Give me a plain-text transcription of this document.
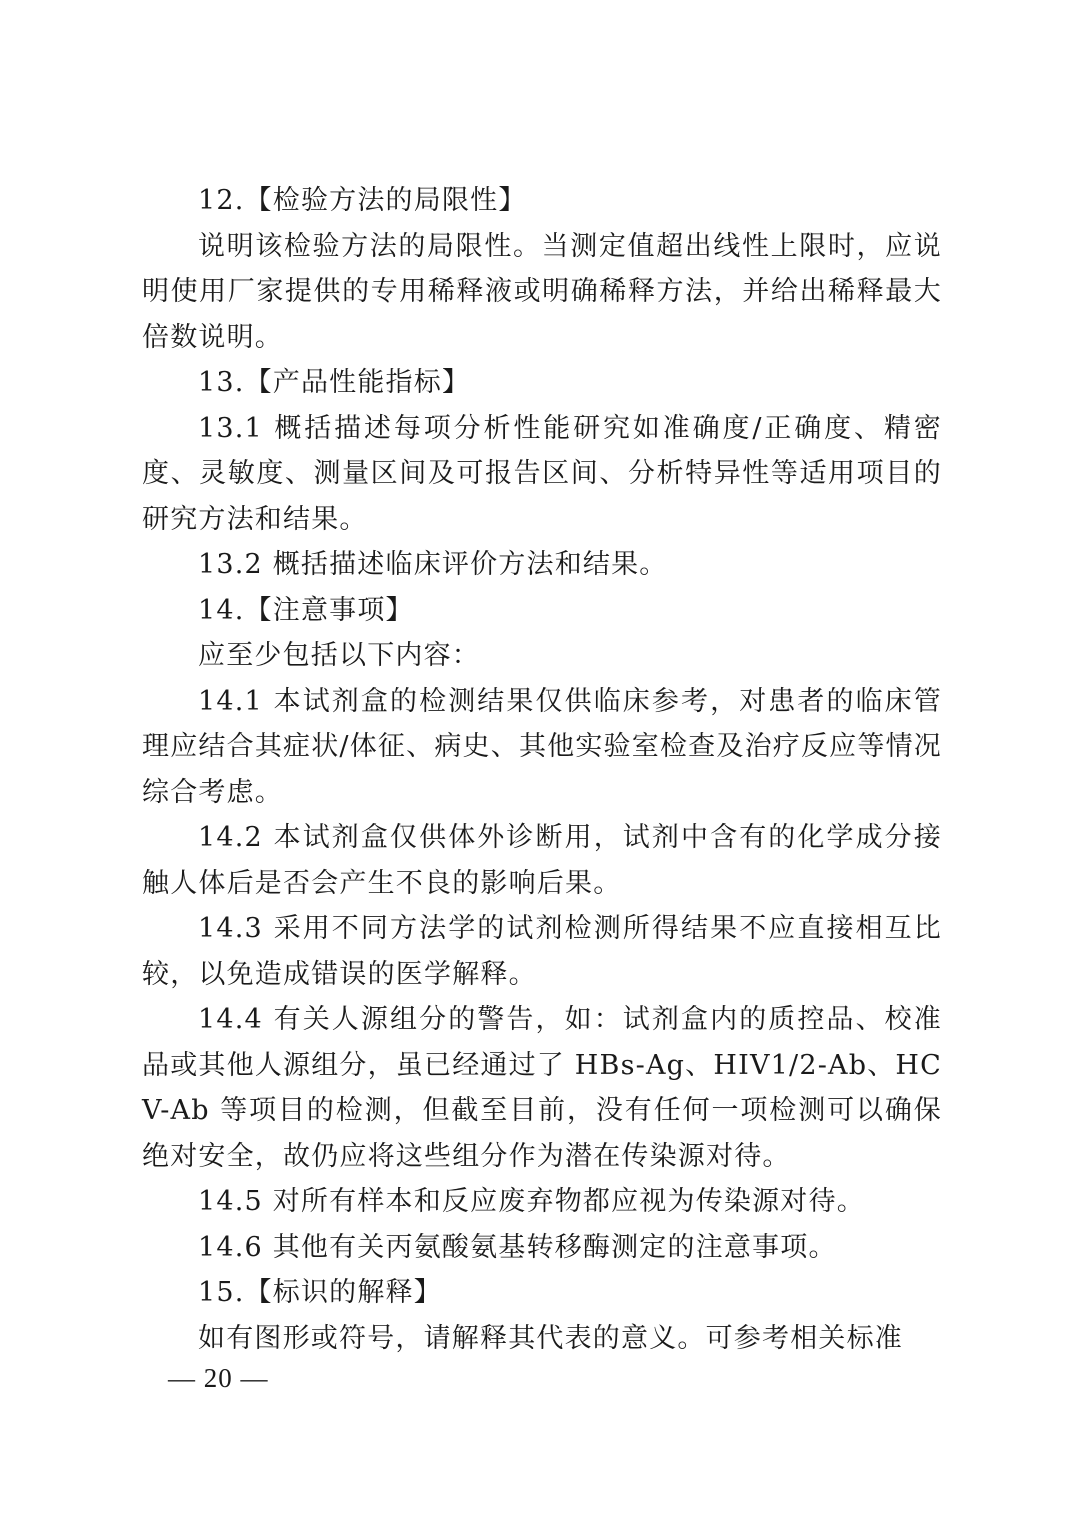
12.【检验方法的局限性】

说明该检验方法的局限性。当测定值超出线性上限时，应说明使用厂家提供的专用稀释液或明确稀释方法，并给出稀释最大倍数说明。

13.【产品性能指标】

13.1 概括描述每项分析性能研究如准确度/正确度、精密度、灵敏度、测量区间及可报告区间、分析特异性等适用项目的研究方法和结果。

13.2 概括描述临床评价方法和结果。

14.【注意事项】

应至少包括以下内容：

14.1 本试剂盒的检测结果仅供临床参考，对患者的临床管理应结合其症状/体征、病史、其他实验室检查及治疗反应等情况综合考虑。

14.2 本试剂盒仅供体外诊断用，试剂中含有的化学成分接触人体后是否会产生不良的影响后果。

14.3 采用不同方法学的试剂检测所得结果不应直接相互比较，以免造成错误的医学解释。

14.4 有关人源组分的警告，如：试剂盒内的质控品、校准品或其他人源组分，虽已经通过了 HBs-Ag、HIV1/2-Ab、HCV-Ab 等项目的检测，但截至目前，没有任何一项检测可以确保绝对安全，故仍应将这些组分作为潜在传染源对待。

14.5 对所有样本和反应废弃物都应视为传染源对待。

14.6 其他有关丙氨酸氨基转移酶测定的注意事项。

15.【标识的解释】

如有图形或符号，请解释其代表的意义。可参考相关标准

— 20 —
